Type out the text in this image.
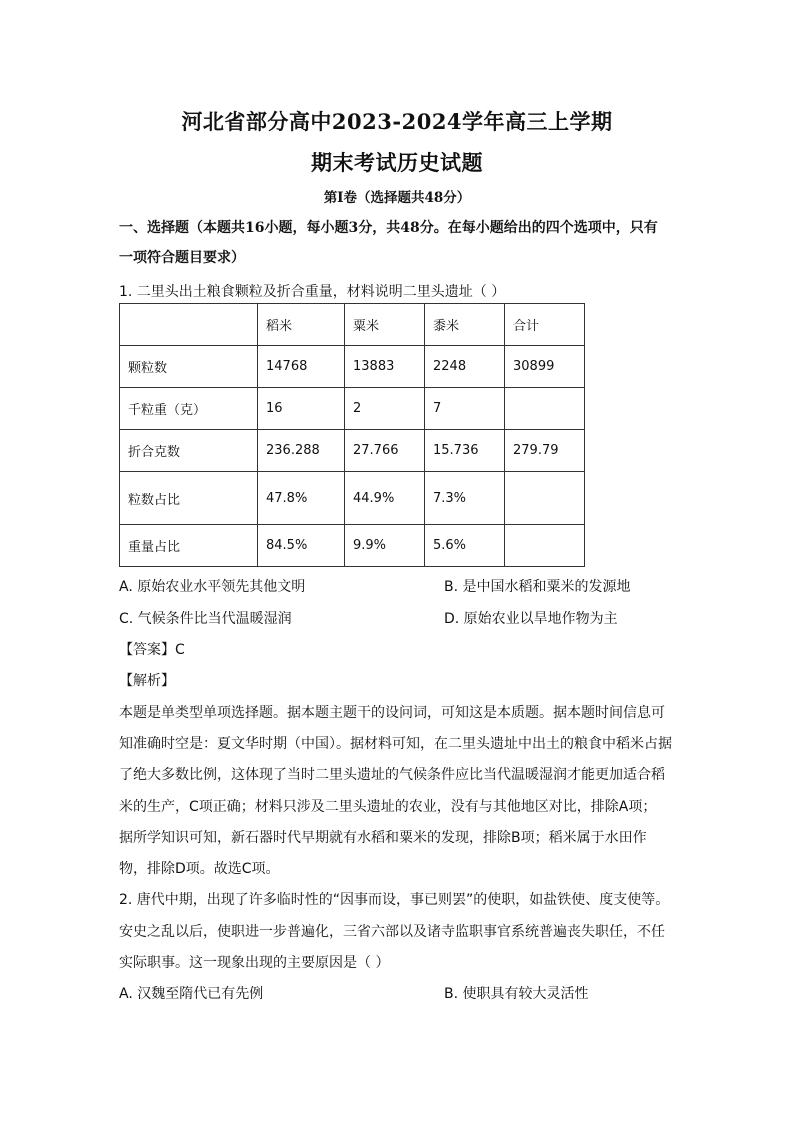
河北省部分高中2023-2024学年高三上学期
期末考试历史试题
第Ⅰ卷（选择题共48分）
一、选择题（本题共16小题，每小题3分，共48分。在每小题给出的四个选项中，只有
一项符合题目要求）
1. 二里头出土粮食颗粒及折合重量，材料说明二里头遗址（ ）
	稻米	粟米	黍米	合计
颗粒数	14768	13883	2248	30899
千粒重（克）	16	2	7	
折合克数	236.288	27.766	15.736	279.79
粒数占比	47.8%	44.9%	7.3%	
重量占比	84.5%	9.9%	5.6%	
A. 原始农业水平领先其他文明	B. 是中国水稻和粟米的发源地
C. 气候条件比当代温暖湿润	D. 原始农业以旱地作物为主
【答案】C
【解析】
本题是单类型单项选择题。据本题主题干的设问词，可知这是本质题。据本题时间信息可
知准确时空是：夏文华时期（中国）。据材料可知，在二里头遗址中出土的粮食中稻米占据
了绝大多数比例，这体现了当时二里头遗址的气候条件应比当代温暖湿润才能更加适合稻
米的生产，C项正确；材料只涉及二里头遗址的农业，没有与其他地区对比，排除A项；
据所学知识可知，新石器时代早期就有水稻和粟米的发现，排除B项；稻米属于水田作
物，排除D项。故选C项。
2. 唐代中期，出现了许多临时性的“因事而设，事已则罢”的使职，如盐铁使、度支使等。
安史之乱以后，使职进一步普遍化，三省六部以及诸寺监职事官系统普遍丧失职任，不任
实际职事。这一现象出现的主要原因是（ ）
A. 汉魏至隋代已有先例	B. 使职具有较大灵活性
